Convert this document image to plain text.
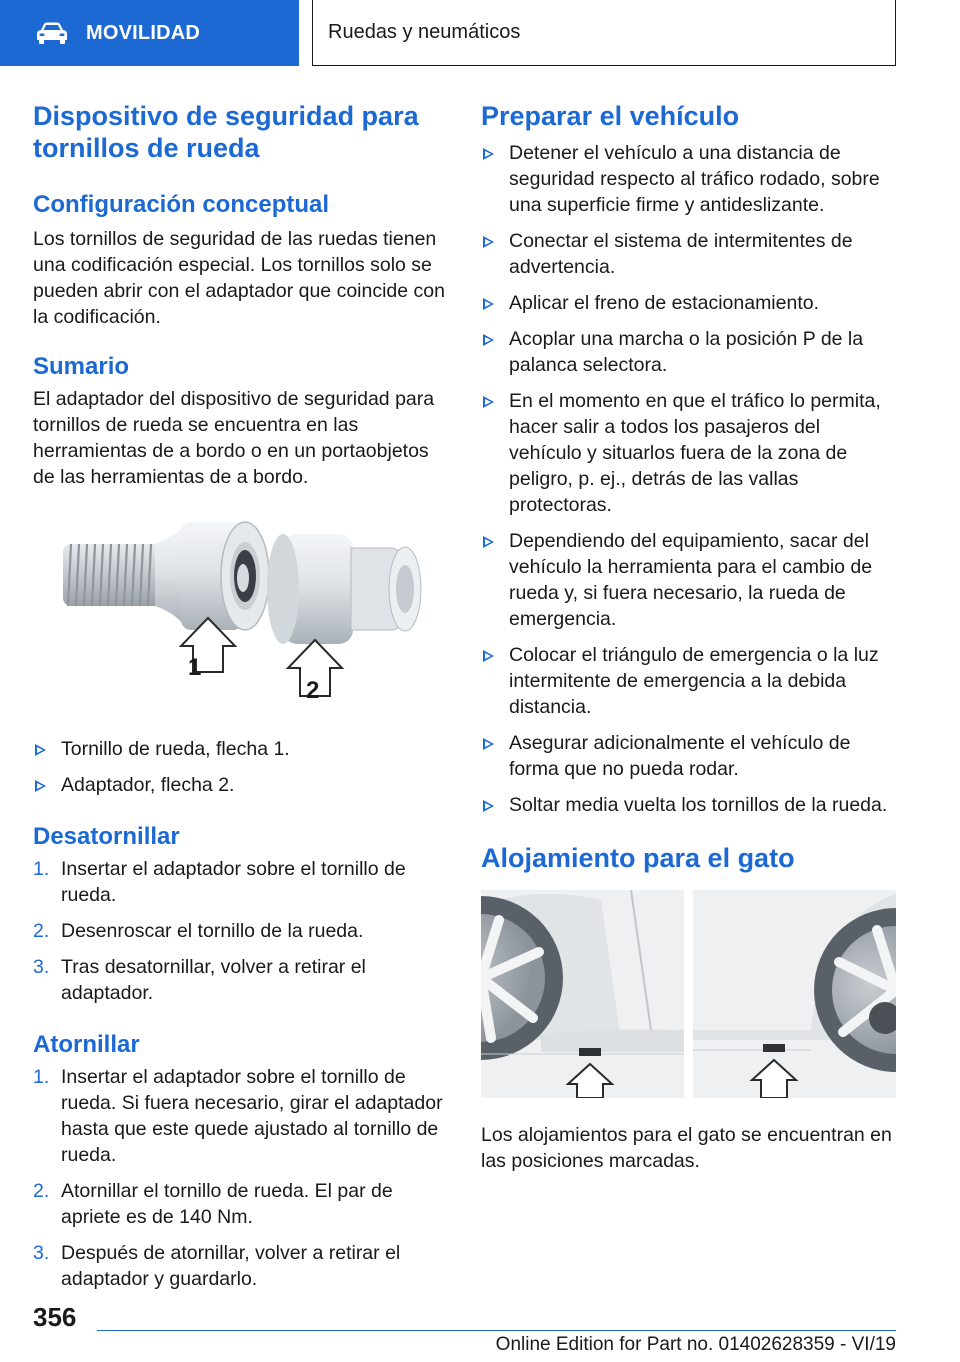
MOVILIDAD	Ruedas y neumáticos
Dispositivo de seguridad para tornillos de rueda
Configuración conceptual

Los tornillos de seguridad de las ruedas tienen una codificación especial. Los tornillos solo se pueden abrir con el adaptador que coincide con la codificación.

Sumario

El adaptador del dispositivo de seguridad para tornillos de rueda se encuentra en las herramientas de a bordo o en un portaobjetos de las herramientas de a bordo.

1
2
Tornillo de rueda, flecha 1.
Adaptador, flecha 2.
Desatornillar
1. Insertar el adaptador sobre el tornillo de rueda.
2. Desenroscar el tornillo de la rueda.
3. Tras desatornillar, volver a retirar el adaptador.
Atornillar
1. Insertar el adaptador sobre el tornillo de rueda. Si fuera necesario, girar el adaptador hasta que este quede ajustado al tornillo de rueda.
2. Atornillar el tornillo de rueda. El par de apriete es de 140 Nm.
3. Después de atornillar, volver a retirar el adaptador y guardarlo.
Preparar el vehículo
Detener el vehículo a una distancia de seguridad respecto al tráfico rodado, sobre una superficie firme y antideslizante.
Conectar el sistema de intermitentes de advertencia.
Aplicar el freno de estacionamiento.
Acoplar una marcha o la posición P de la palanca selectora.
En el momento en que el tráfico lo permita, hacer salir a todos los pasajeros del vehículo y situarlos fuera de la zona de peligro, p. ej., detrás de las vallas protectoras.
Dependiendo del equipamiento, sacar del vehículo la herramienta para el cambio de rueda y, si fuera necesario, la rueda de emergencia.
Colocar el triángulo de emergencia o la luz intermitente de emergencia a la debida distancia.
Asegurar adicionalmente el vehículo de forma que no pueda rodar.
Soltar media vuelta los tornillos de la rueda.
Alojamiento para el gato

Los alojamientos para el gato se encuentran en las posiciones marcadas.

356
Online Edition for Part no. 01402628359 - VI/19
